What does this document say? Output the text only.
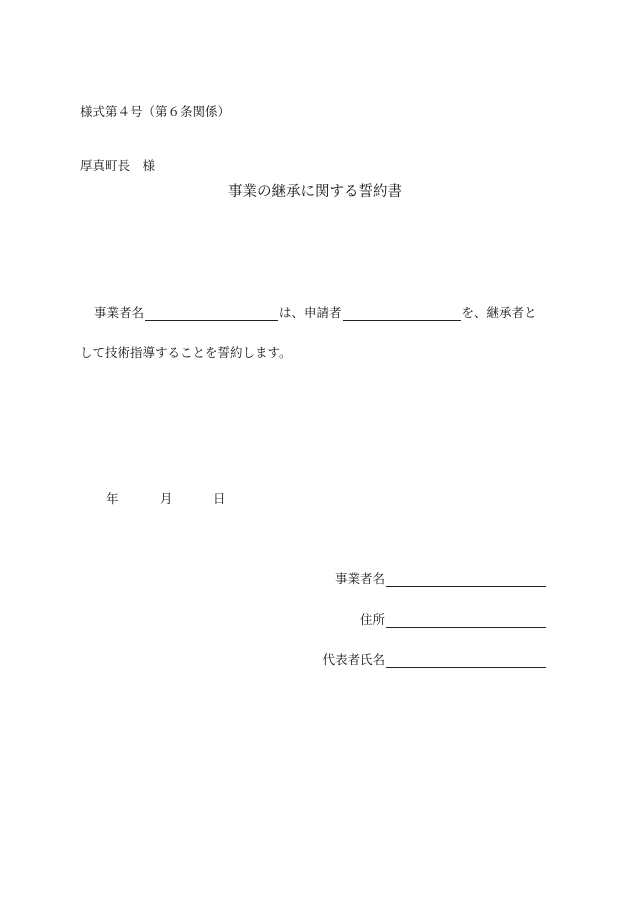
様式第４号（第６条関係）
厚真町長　様
事業の継承に関する誓約書
事業者名	は、申請者	を、継承者と
して技術指導することを誓約します。
年	月	日
事業者名
住所
代表者氏名
